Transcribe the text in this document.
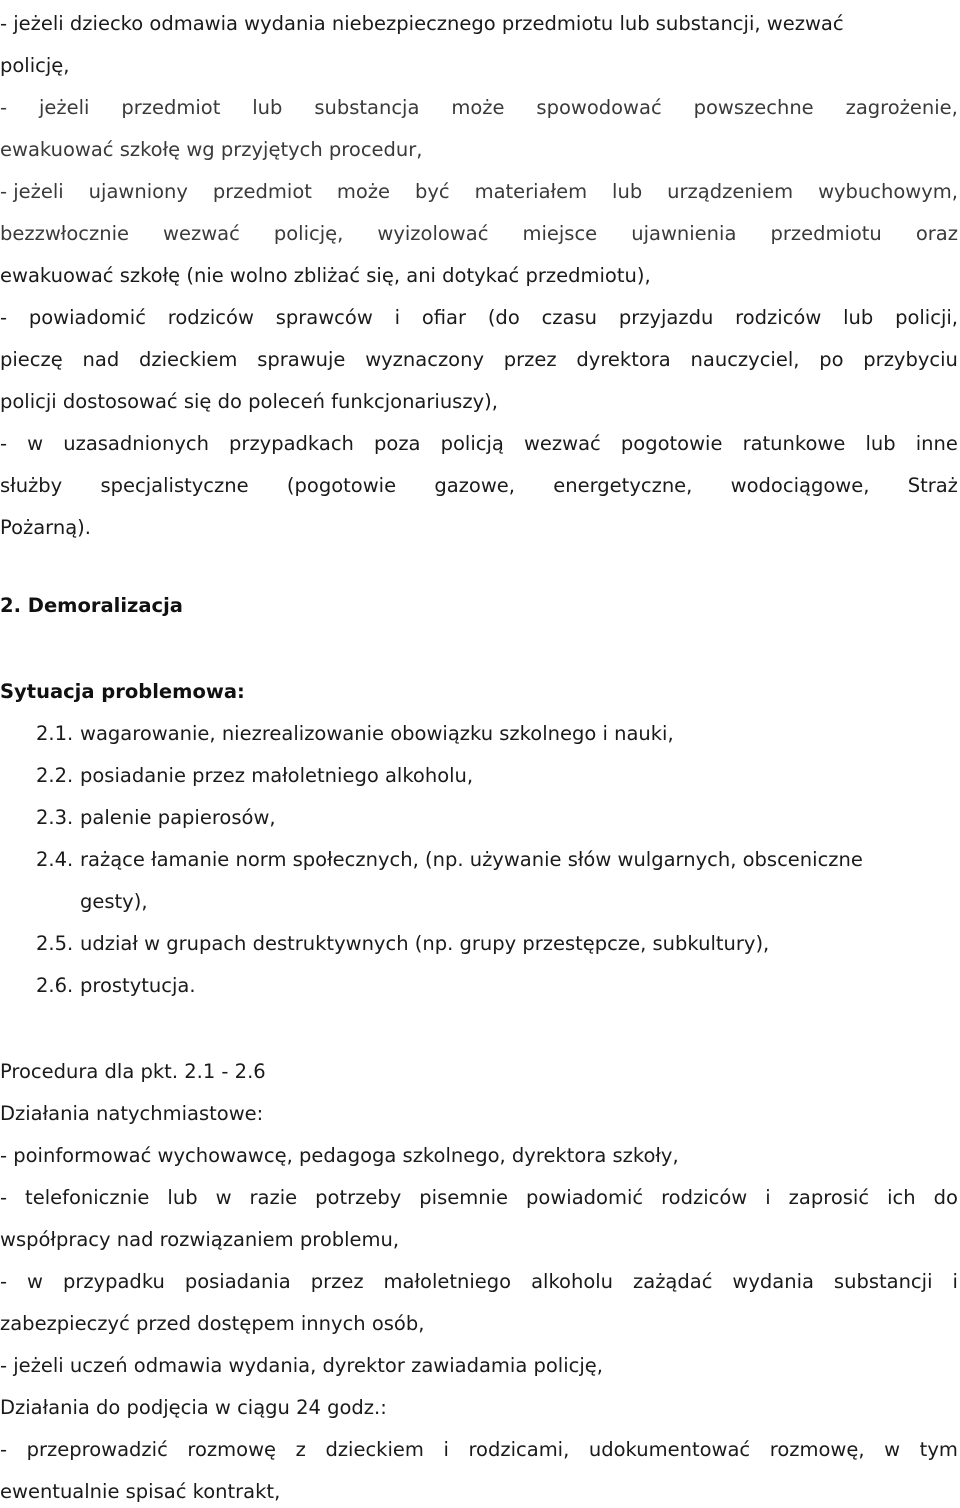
- jeżeli dziecko odmawia wydania niebezpiecznego przedmiotu lub substancji, wezwać
policję,
- jeżeli przedmiot lub substancja może spowodować powszechne zagrożenie,
ewakuować szkołę wg przyjętych procedur,
- jeżeli ujawniony przedmiot może być materiałem lub urządzeniem wybuchowym,
bezzwłocznie wezwać policję, wyizolować miejsce ujawnienia przedmiotu oraz
ewakuować szkołę (nie wolno zbliżać się, ani dotykać przedmiotu),
- powiadomić rodziców sprawców i ofiar (do czasu przyjazdu rodziców lub policji,
pieczę nad dzieckiem sprawuje wyznaczony przez dyrektora nauczyciel, po przybyciu
policji dostosować się do poleceń funkcjonariuszy),
- w uzasadnionych przypadkach poza policją wezwać pogotowie ratunkowe lub inne
służby specjalistyczne (pogotowie gazowe, energetyczne, wodociągowe, Straż
Pożarną).
2. Demoralizacja
Sytuacja problemowa:
2.1. wagarowanie, niezrealizowanie obowiązku szkolnego i nauki,
2.2. posiadanie przez małoletniego alkoholu,
2.3. palenie papierosów,
2.4. rażące łamanie norm społecznych, (np. używanie słów wulgarnych, obsceniczne
gesty),
2.5. udział w grupach destruktywnych (np. grupy przestępcze, subkultury),
2.6. prostytucja.
Procedura dla pkt. 2.1 - 2.6
Działania natychmiastowe:
- poinformować wychowawcę, pedagoga szkolnego, dyrektora szkoły,
- telefonicznie lub w razie potrzeby pisemnie powiadomić rodziców i zaprosić ich do
współpracy nad rozwiązaniem problemu,
- w przypadku posiadania przez małoletniego alkoholu zażądać wydania substancji i
zabezpieczyć przed dostępem innych osób,
- jeżeli uczeń odmawia wydania, dyrektor zawiadamia policję,
Działania do podjęcia w ciągu 24 godz.:
- przeprowadzić rozmowę z dzieckiem i rodzicami, udokumentować rozmowę, w tym
ewentualnie spisać kontrakt,
